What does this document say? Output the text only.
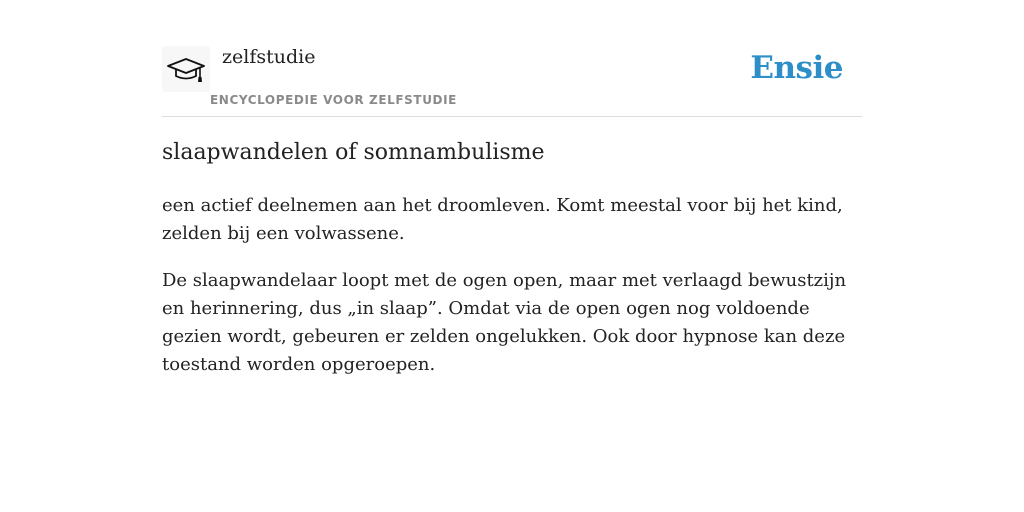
zelfstudie
ENCYCLOPEDIE VOOR ZELFSTUDIE
Ensie
slaapwandelen of somnambulisme

een actief deelnemen aan het droomleven. Komt meestal voor bij het kind, zelden bij een volwassene.

De slaapwandelaar loopt met de ogen open, maar met verlaagd bewustzijn en herinnering, dus „in slaap”. Omdat via de open ogen nog voldoende gezien wordt, gebeuren er zelden ongelukken. Ook door hypnose kan deze toestand worden opgeroepen.
